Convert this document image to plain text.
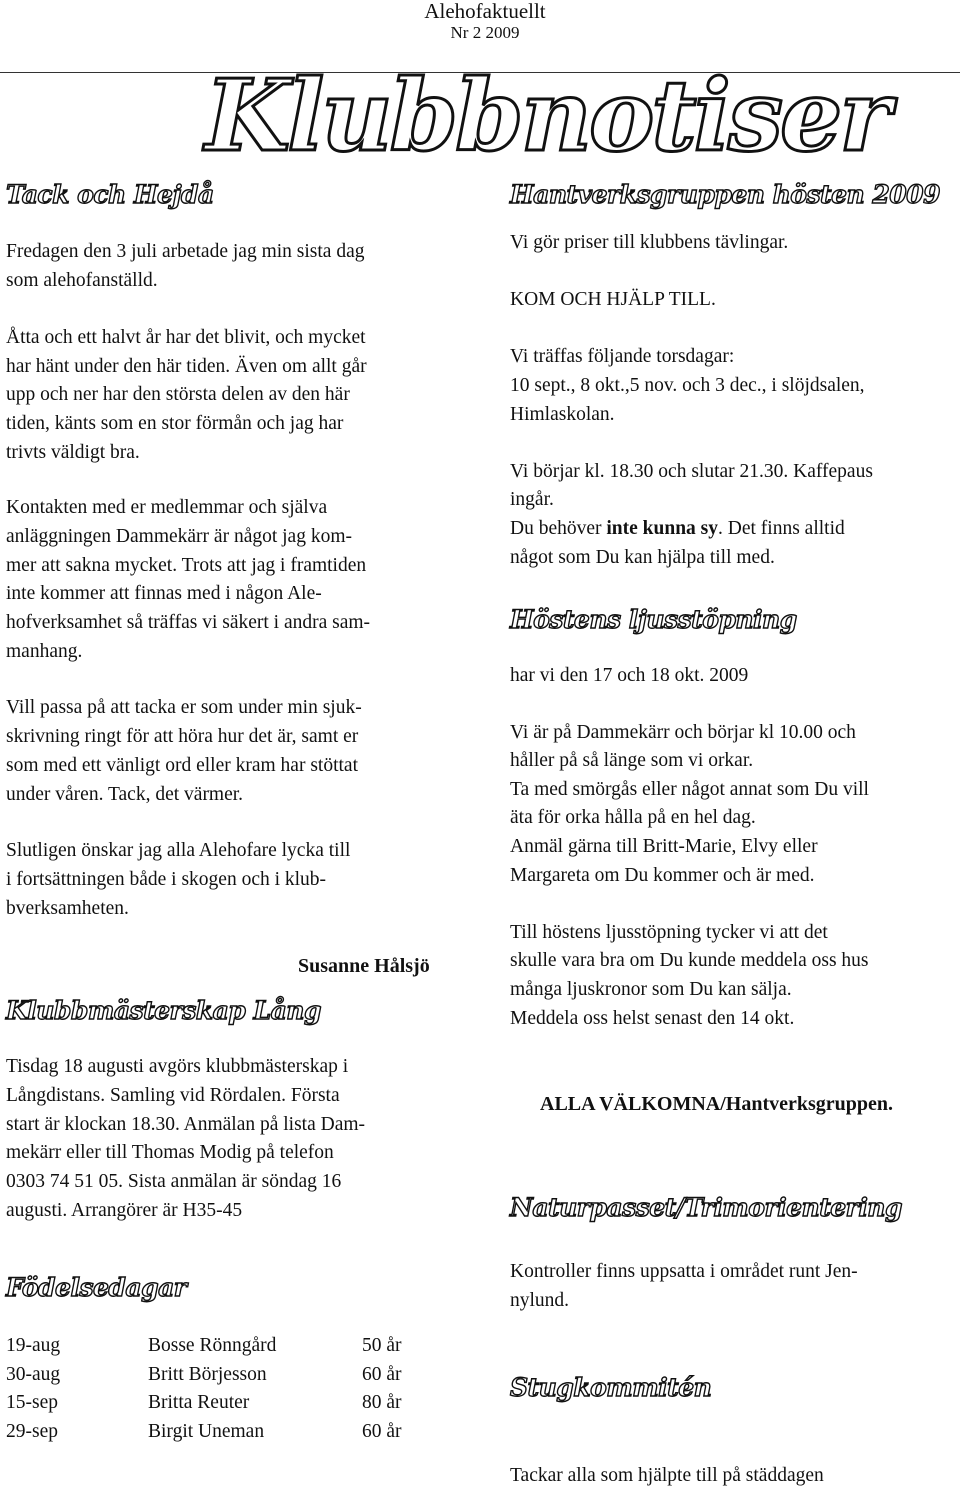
Alehofaktuellt
Nr 2 2009
Klubbnotiser
Tack och Hejdå
Fredagen den 3 juli arbetade jag min sista dag
som alehofanställd.
Åtta och ett halvt år har det blivit, och mycket
har hänt under den här tiden. Även om allt går
upp och ner har den största delen av den här
tiden, känts som en stor förmån och jag har
trivts väldigt bra.
Kontakten med er medlemmar och själva
anläggningen Dammekärr är något jag kom-
mer att sakna mycket. Trots att jag i framtiden
inte kommer att finnas med i någon Ale-
hofverksamhet så träffas vi säkert i andra sam-
manhang.
Vill passa på att tacka er som under min sjuk-
skrivning ringt för att höra hur det är, samt er
som med ett vänligt ord eller kram har stöttat
under våren. Tack, det värmer.
Slutligen önskar jag alla Alehofare lycka till
i fortsättningen både i skogen och i klub-
bverksamheten.
Susanne Hålsjö
Klubbmästerskap Lång
Tisdag 18 augusti avgörs klubbmästerskap i
Långdistans. Samling vid Rördalen. Första
start är klockan 18.30. Anmälan på lista Dam-
mekärr eller till Thomas Modig på telefon
0303 74 51 05. Sista anmälan är söndag 16
augusti. Arrangörer är H35-45
Födelsedagar
19-aug	Bosse Rönngård	50 år
30-aug	Britt Börjesson	60 år
15-sep	Britta Reuter	80 år
29-sep	Birgit Uneman	60 år
Hantverksgruppen hösten 2009
Vi gör priser till klubbens tävlingar.
KOM OCH HJÄLP TILL.
Vi träffas följande torsdagar:
10 sept., 8 okt.,5 nov. och 3 dec., i slöjdsalen,
Himlaskolan.
Vi börjar kl. 18.30 och slutar 21.30. Kaffepaus
ingår.
Du behöver inte kunna sy. Det finns alltid
något som Du kan hjälpa till med.
Höstens ljusstöpning
har vi den 17 och 18 okt. 2009
Vi är på Dammekärr och börjar kl 10.00 och
håller på så länge som vi orkar.
Ta med smörgås eller något annat som Du vill
äta för orka hålla på en hel dag.
Anmäl gärna till Britt-Marie, Elvy eller
Margareta om Du kommer och är med.
Till höstens ljusstöpning tycker vi att det
skulle vara bra om Du kunde meddela oss hus
många ljuskronor som Du kan sälja.
Meddela oss helst senast den 14 okt.
ALLA VÄLKOMNA/Hantverksgruppen.
Naturpasset/Trimorientering
Kontroller finns uppsatta i området runt Jen-
nylund.
Stugkommitén
Tackar alla som hjälpte till på städdagen
